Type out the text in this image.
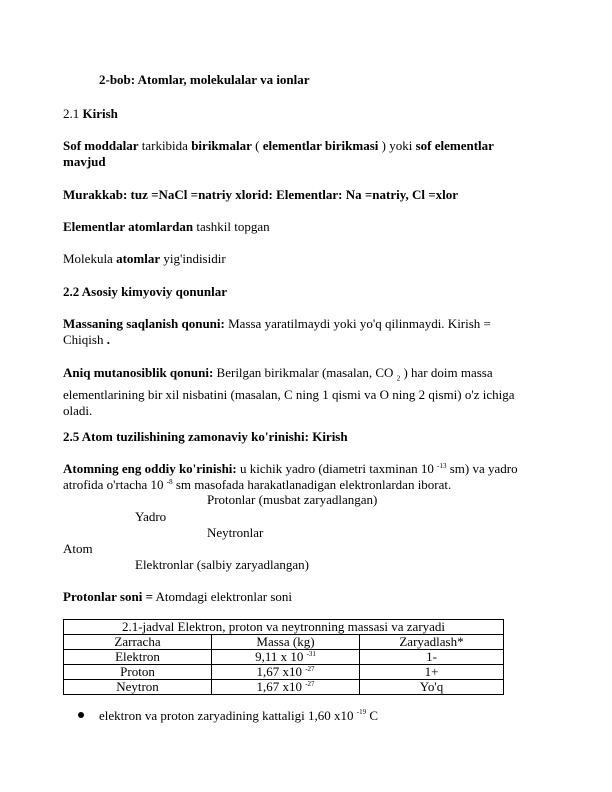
2-bob: Atomlar, molekulalar va ionlar
2.1 Kirish
Sof moddalar tarkibida birikmalar ( elementlar birikmasi ) yoki sof elementlar
mavjud
Murakkab: tuz =NaCl =natriy xlorid: Elementlar: Na =natriy, Cl =xlor
Elementlar atomlardan tashkil topgan
Molekula atomlar yig'indisidir
2.2 Asosiy kimyoviy qonunlar
Massaning saqlanish qonuni: Massa yaratilmaydi yoki yo'q qilinmaydi. Kirish =
Chiqish .
Aniq mutanosiblik qonuni: Berilgan birikmalar (masalan, CO $_2$ ) har doim massa
elementlarining bir xil nisbatini (masalan, C ning 1 qismi va O ning 2 qismi) o'z ichiga
oladi.
2.5 Atom tuzilishining zamonaviy ko'rinishi: Kirish
Atomning eng oddiy ko'rinishi: u kichik yadro (diametri taxminan 10 $^{-13}$ sm) va yadro
atrofida o'rtacha 10 $^{-8}$ sm masofada harakatlanadigan elektronlardan iborat.
Protonlar (musbat zaryadlangan)
Yadro
Neytronlar
Atom
Elektronlar (salbiy zaryadlangan)
Protonlar soni = Atomdagi elektronlar soni
2.1-jadval Elektron, proton va neytronning massasi va zaryadi		
Zarracha	Massa (kg)	Zaryadlash*
Elektron	9,11 x 10 $^{-31}$	1-
Proton	1,67 x10 $^{-27}$	1+
Neytron	1,67 x10 $^{-27}$	Yo'q
elektron va proton zaryadining kattaligi 1,60 x10 $^{-19}$ C
